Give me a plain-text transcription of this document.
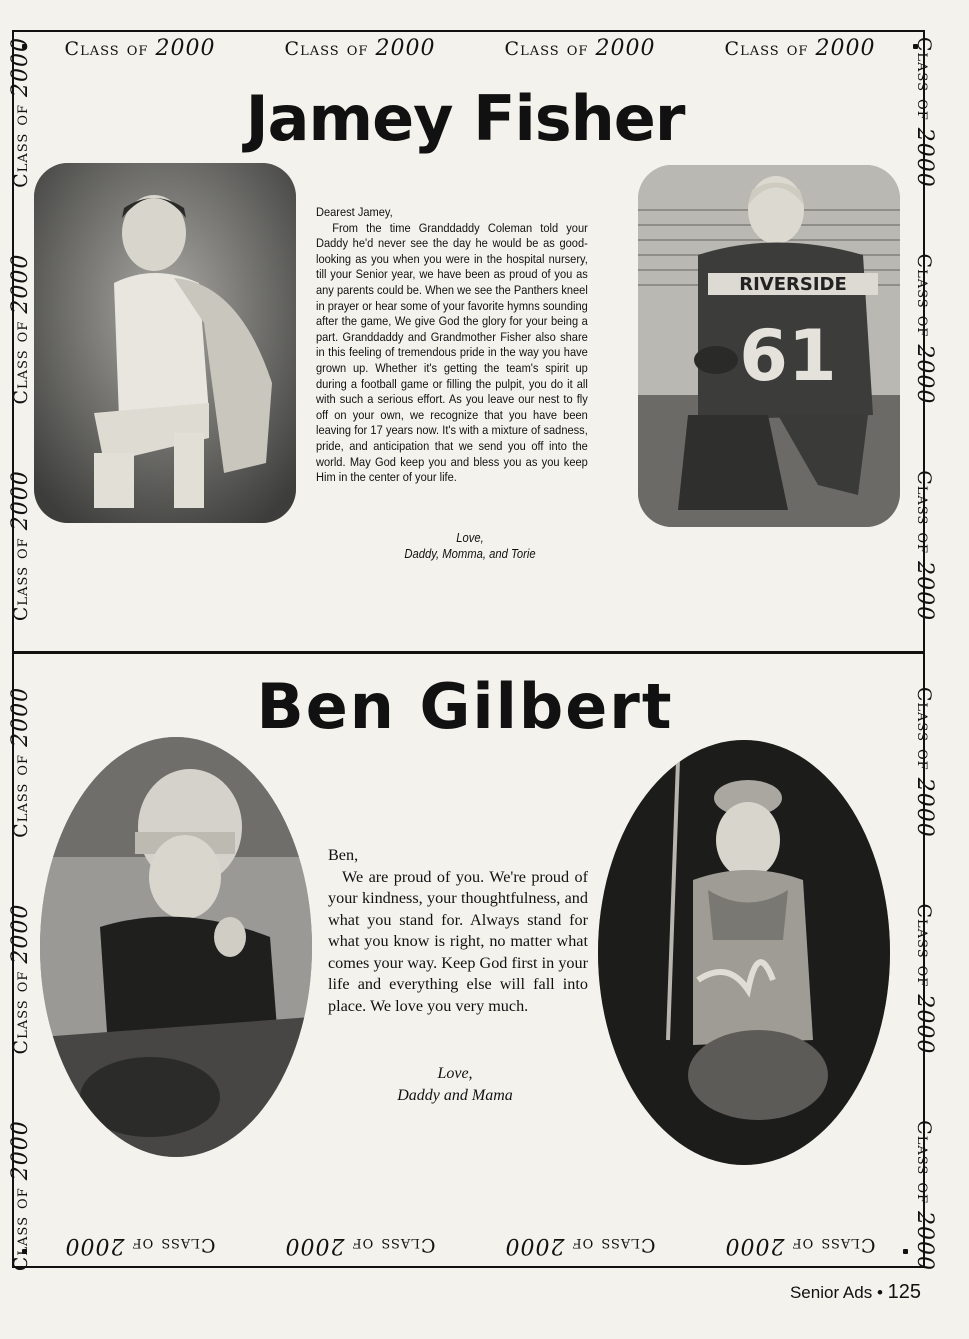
Class of 2000	Class of 2000	Class of 2000	Class of 2000
Class of 2000
Class of 2000
Class of 2000
Class of 2000
Class of 2000
Class of 2000
Class of 2000
Class of 2000
Class of 2000
Class of 2000	Class of 2000
Class of 2000
Class of 2000
Class of 2000
Class of 2000
Class of 2000
Jamey Fisher
Dearest Jamey,
From the time Granddaddy Coleman told your Daddy he'd never see the day he would be as good-looking as you when you were in the hospital nursery, till your Senior year, we have been as proud of you as any parents could be. When we see the Panthers kneel in prayer or hear some of your favorite hymns sounding after the game, We give God the glory for your being a part. Granddaddy and Grandmother Fisher also share in this feeling of tremendous pride in the way you have grown up. Whether it's getting the team's spirit up during a football game or filling the pulpit, you do it all with such a serious effort. As you leave our nest to fly off on your own, we recognize that you have been leaving for 17 years now. It's with a mixture of sadness, pride, and anticipation that we send you off into the world. May God keep you and bless you as you keep Him in the center of your life.
Love,
Daddy, Momma, and Torie
RIVERSIDE
61
Ben Gilbert
Ben,
We are proud of you. We're proud of your kindness, your thoughtfulness, and what you stand for. Always stand for what you know is right, no matter what comes your way. Keep God first in your life and everything else will fall into place. We love you very much.
Love,
Daddy and Mama
Senior Ads • 125
